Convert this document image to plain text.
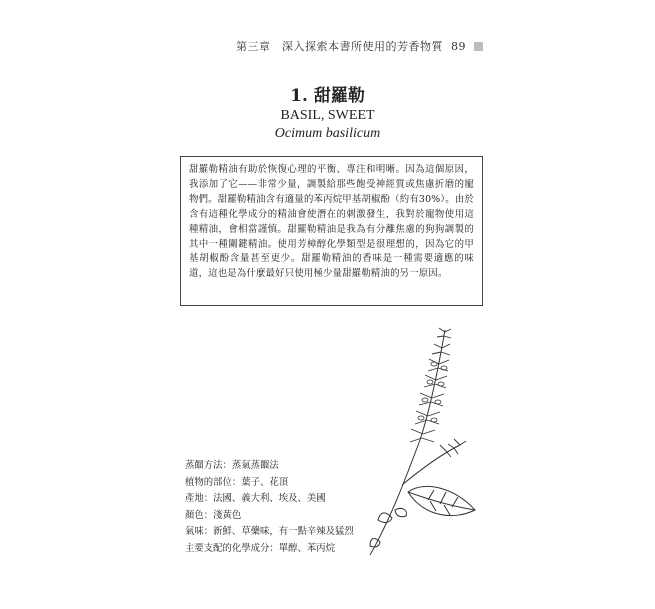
第三章　深入探索本書所使用的芳香物質 89
1. 甜羅勒
BASIL, SWEET
Ocimum basilicum

甜羅勒精油有助於恢復心理的平衡、專注和明晰。因為這個原因，我添加了它——非常少量，調製給那些飽受神經質或焦慮折磨的寵物們。甜羅勒精油含有適量的苯丙烷甲基胡椒酚（約有30%）。由於含有這種化學成分的精油會使潛在的刺激發生，我對於寵物使用這種精油，會相當謹慎。甜羅勒精油是我為有分離焦慮的狗狗調製的其中一種關鍵精油。使用芳樟醇化學類型是很理想的，因為它的甲基胡椒酚含量甚至更少。甜羅勒精油的香味是一種需要適應的味道，這也是為什麼最好只使用極少量甜羅勒精油的另一原因。

蒸餾方法：蒸氣蒸餾法
植物的部位：葉子、花頂
產地：法國、義大利、埃及、美國
顏色：淺黃色
氣味：新鮮、草藥味，有一點辛辣及猛烈
主要支配的化學成分：單醇、苯丙烷
